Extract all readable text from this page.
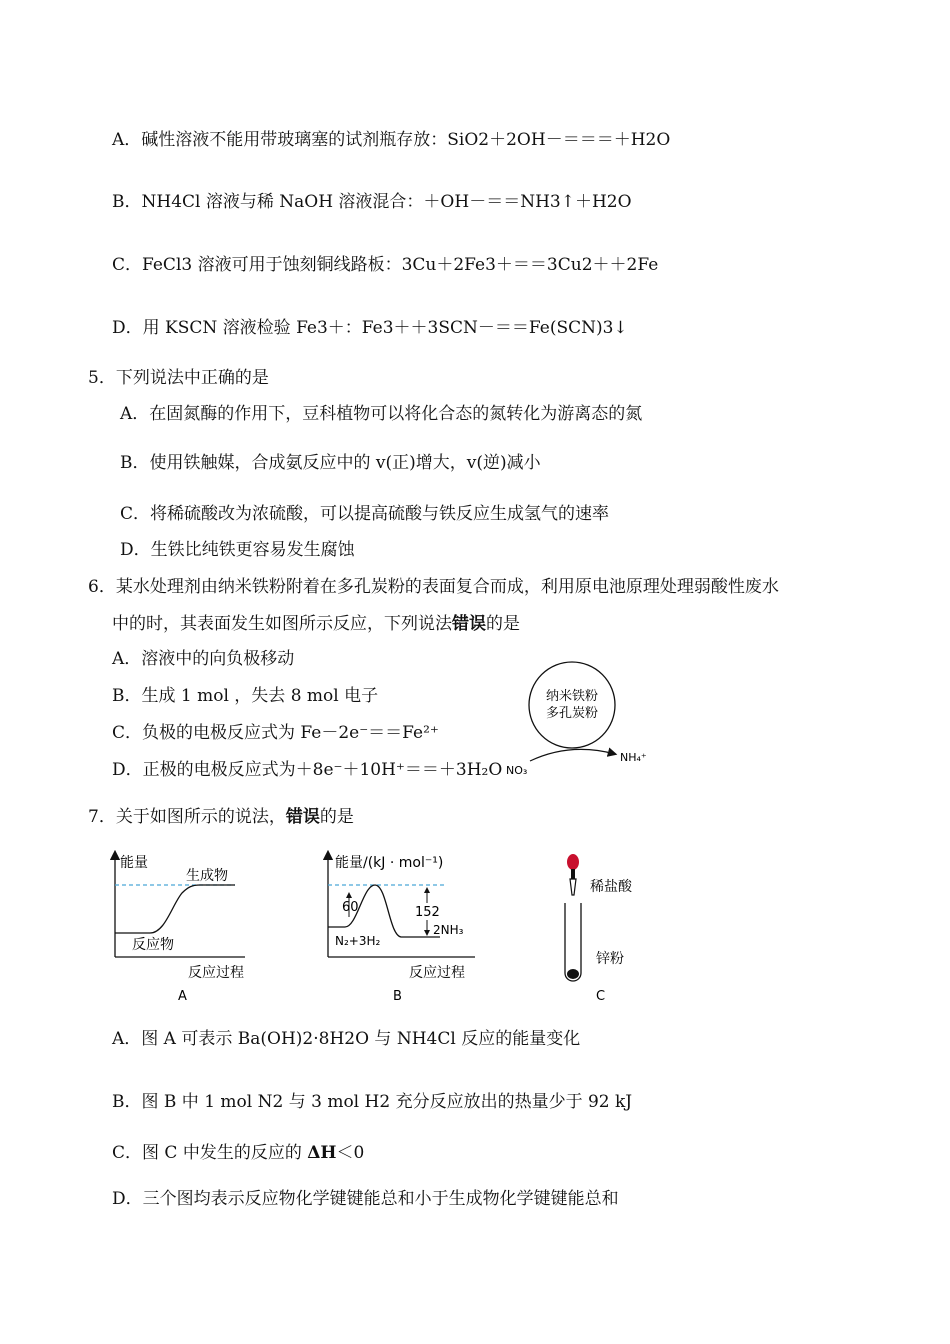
A．碱性溶液不能用带玻璃塞的试剂瓶存放：SiO2＋2OH－＝＝＝＋H2O
B．NH4Cl 溶液与稀 NaOH 溶液混合：＋OH－＝＝NH3↑＋H2O
C．FeCl3 溶液可用于蚀刻铜线路板：3Cu＋2Fe3＋＝＝3Cu2＋＋2Fe
D．用 KSCN 溶液检验 Fe3＋：Fe3＋＋3SCN－＝＝Fe(SCN)3↓
5．下列说法中正确的是
A．在固氮酶的作用下，豆科植物可以将化合态的氮转化为游离态的氮
B．使用铁触媒，合成氨反应中的 v(正)增大，v(逆)减小
C．将稀硫酸改为浓硫酸，可以提高硫酸与铁反应生成氢气的速率
D．生铁比纯铁更容易发生腐蚀
6．某水处理剂由纳米铁粉附着在多孔炭粉的表面复合而成，利用原电池原理处理弱酸性废水
中的时，其表面发生如图所示反应，下列说法错误的是
A．溶液中的向负极移动
B．生成 1 mol ，失去 8 mol 电子
C．负极的电极反应式为 Fe－2e⁻＝＝Fe²⁺
D．正极的电极反应式为＋8e⁻＋10H⁺＝＝＋3H₂O
纳米铁粉
多孔炭粉
NO₃
NH₄⁺
7．关于如图所示的说法，错误的是
能量
生成物
反应物
反应过程
A
能量/(kJ · mol⁻¹)
60	152
N₂+3H₂
2NH₃
反应过程
B
稀盐酸
锌粉
C
A．图 A 可表示 Ba(OH)2·8H2O 与 NH4Cl 反应的能量变化
B．图 B 中 1 mol N2 与 3 mol H2 充分反应放出的热量少于 92 kJ
C．图 C 中发生的反应的 ΔH＜0
D．三个图均表示反应物化学键键能总和小于生成物化学键键能总和
